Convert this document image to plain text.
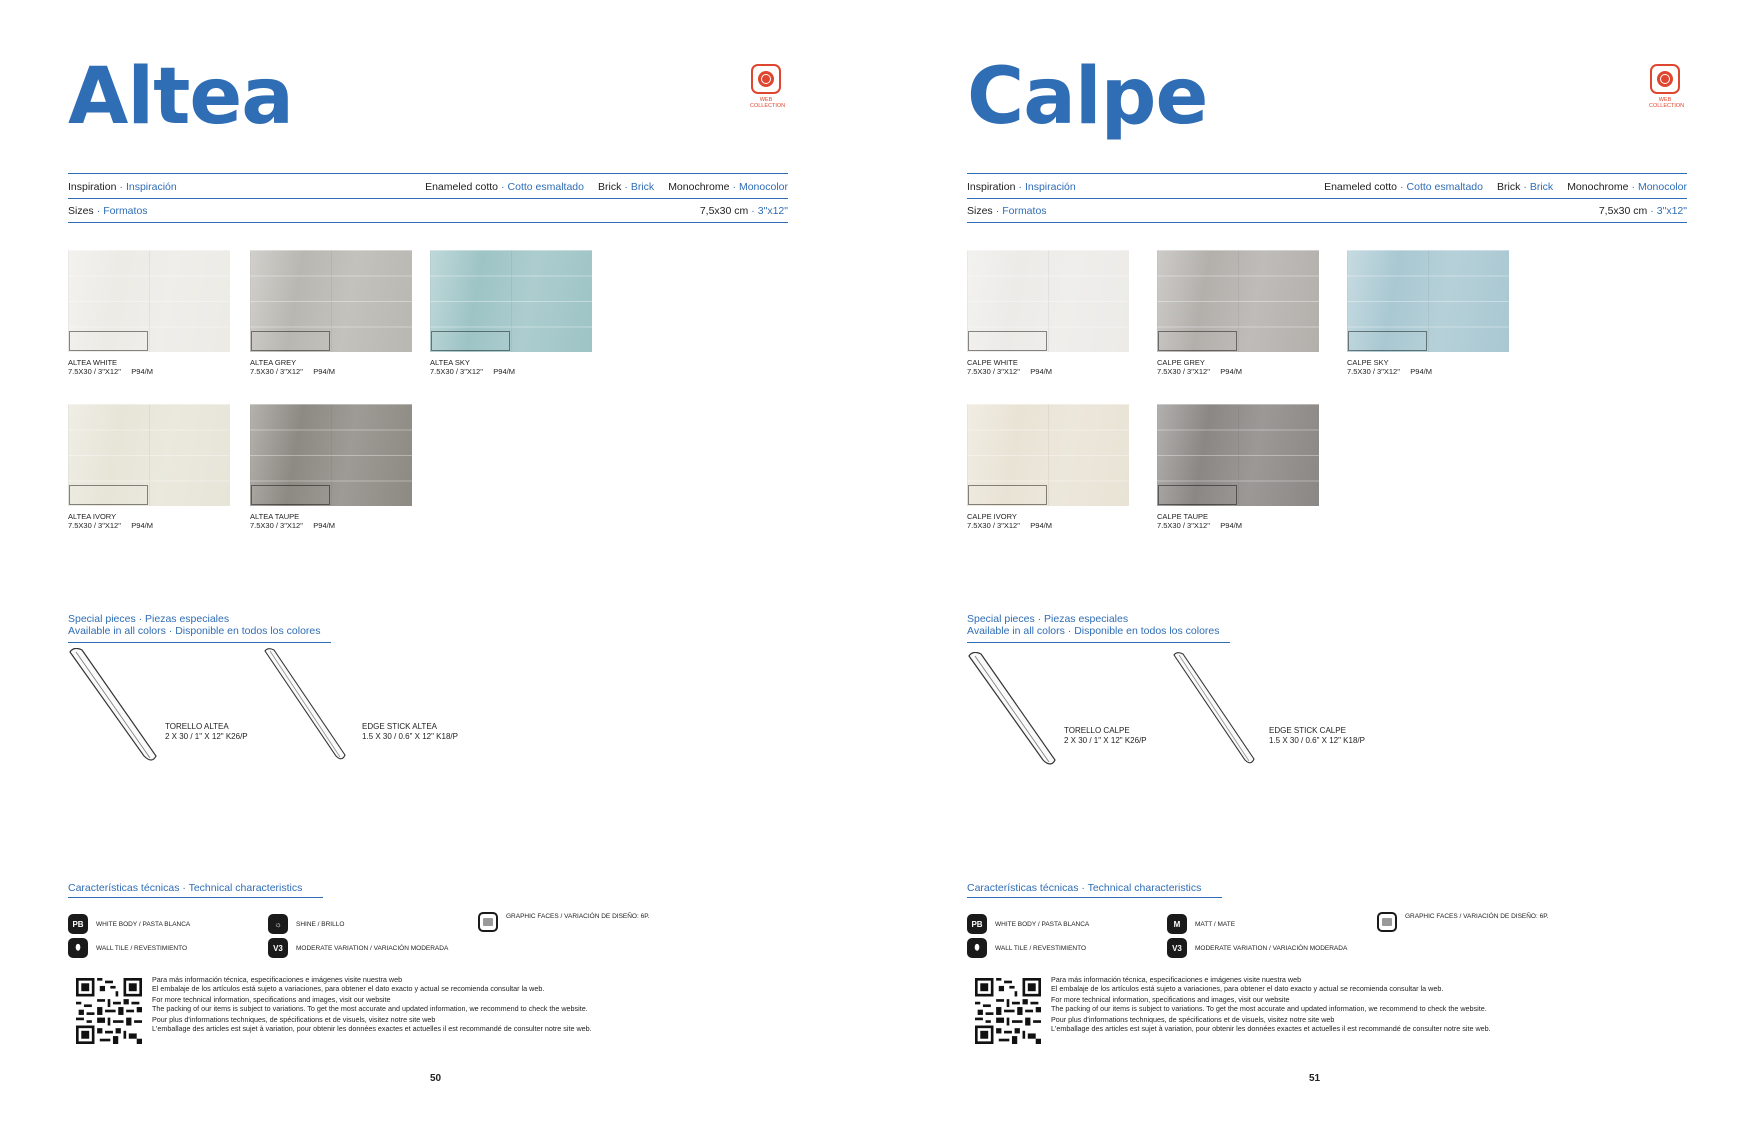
Altea	WEB COLLECTION
Inspiration · Inspiración	Enameled cotto · Cotto esmaltado Brick · Brick Monochrome · Monocolor
Sizes · Formatos	7,5x30 cm · 3"x12"
ALTEA WHITE
7.5X30 / 3"X12" P94/M
ALTEA GREY
7.5X30 / 3"X12" P94/M
ALTEA SKY
7.5X30 / 3"X12" P94/M
ALTEA IVORY
7.5X30 / 3"X12" P94/M
ALTEA TAUPE
7.5X30 / 3"X12" P94/M
Special pieces · Piezas especiales
Available in all colors · Disponible en todos los colores
TORELLO ALTEA
2 X 30 / 1" X 12" K26/P
EDGE STICK ALTEA
1.5 X 30 / 0.6" X 12" K18/P
Características técnicas · Technical characteristics
PB	WHITE BODY / PASTA BLANCA	☼	SHINE / BRILLO
GRAPHIC FACES / VARIACIÓN DE DISEÑO: 6P.
⬮	WALL TILE / REVESTIMIENTO	V3	MODERATE VARIATION / VARIACIÓN MODERADA

Para más información técnica, especificaciones e imágenes visite nuestra web
El embalaje de los artículos está sujeto a variaciones, para obtener el dato exacto y actual se recomienda consultar la web.

For more technical information, specifications and images, visit our website
The packing of our items is subject to variations. To get the most accurate and updated information, we recommend to check the website.

Pour plus d'informations techniques, de spécifications et de visuels, visitez notre site web
L'emballage des articles est sujet à variation, pour obtenir les données exactes et actuelles il est recommandé de consulter notre site web.

50
Calpe	WEB COLLECTION
Inspiration · Inspiración	Enameled cotto · Cotto esmaltado Brick · Brick Monochrome · Monocolor
Sizes · Formatos	7,5x30 cm · 3"x12"
CALPE WHITE
7.5X30 / 3"X12" P94/M
CALPE GREY
7.5X30 / 3"X12" P94/M
CALPE SKY
7.5X30 / 3"X12" P94/M
CALPE IVORY
7.5X30 / 3"X12" P94/M
CALPE TAUPE
7.5X30 / 3"X12" P94/M
Special pieces · Piezas especiales
Available in all colors · Disponible en todos los colores
TORELLO CALPE
2 X 30 / 1" X 12" K26/P
EDGE STICK CALPE
1.5 X 30 / 0.6" X 12" K18/P
Características técnicas · Technical characteristics
PB	WHITE BODY / PASTA BLANCA	M	MATT / MATE
GRAPHIC FACES / VARIACIÓN DE DISEÑO: 6P.
⬮	WALL TILE / REVESTIMIENTO	V3	MODERATE VARIATION / VARIACIÓN MODERADA

Para más información técnica, especificaciones e imágenes visite nuestra web
El embalaje de los artículos está sujeto a variaciones, para obtener el dato exacto y actual se recomienda consultar la web.

For more technical information, specifications and images, visit our website
The packing of our items is subject to variations. To get the most accurate and updated information, we recommend to check the website.

Pour plus d'informations techniques, de spécifications et de visuels, visitez notre site web
L'emballage des articles est sujet à variation, pour obtenir les données exactes et actuelles il est recommandé de consulter notre site web.

51
